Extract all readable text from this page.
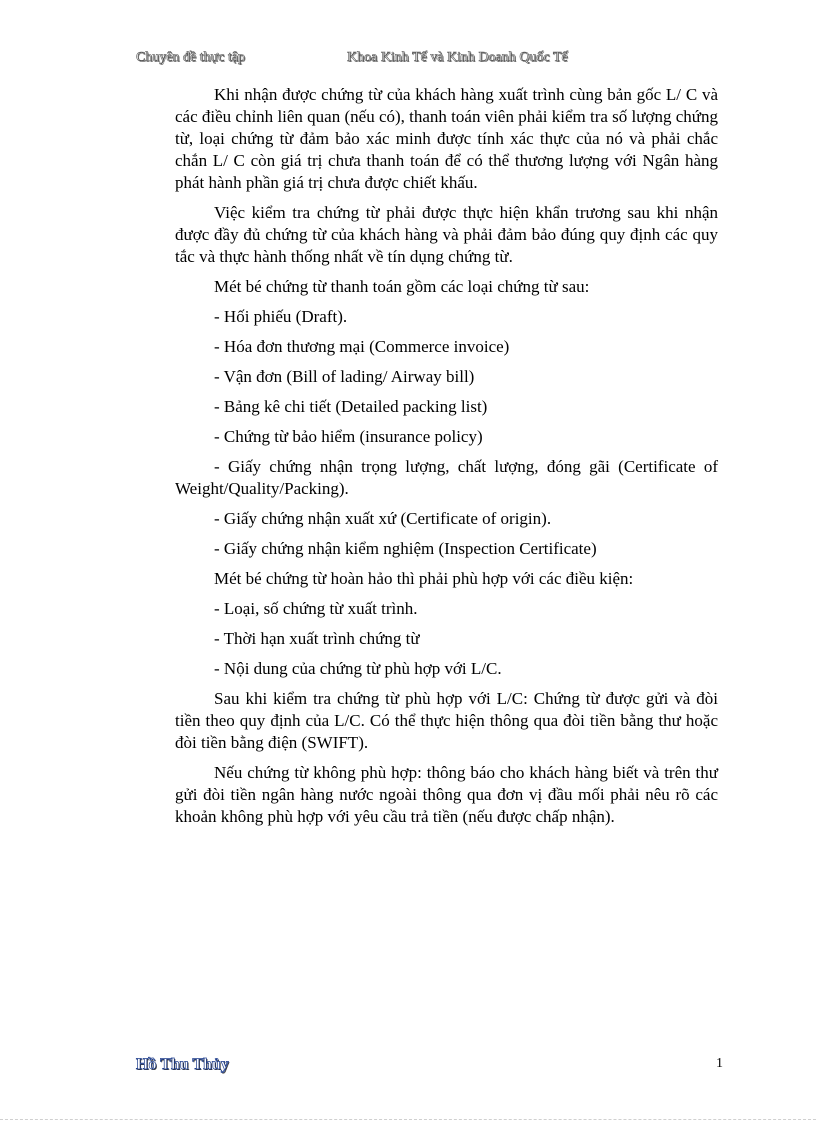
Chuyên đề thực tập	Khoa Kinh Tế và Kinh Doanh Quốc Tế

Khi nhận được chứng từ của khách hàng xuất trình cùng bản gốc L/ C và các điều chỉnh liên quan (nếu có), thanh toán viên phải kiểm tra số lượng chứng từ, loại chứng từ đảm bảo xác minh được tính xác thực của nó và phải chắc chắn L/ C còn giá trị chưa thanh toán để có thể thương lượng với Ngân hàng phát hành phần giá trị chưa được chiết khấu.

Việc kiểm tra chứng từ phải được thực hiện khẩn trương sau khi nhận được đầy đủ chứng từ của khách hàng và phải đảm bảo đúng quy định các quy tắc và thực hành thống nhất về tín dụng chứng từ.

Mét bé chứng từ thanh toán gồm các loại chứng từ sau:

- Hối phiếu (Draft).

- Hóa đơn thương mại (Commerce invoice)

- Vận đơn (Bill of lading/ Airway bill)

- Bảng kê chi tiết (Detailed packing list)

- Chứng từ bảo hiểm (insurance policy)

- Giấy chứng nhận trọng lượng, chất lượng, đóng gãi (Certificate of Weight/Quality/Packing).

- Giấy chứng nhận xuất xứ (Certificate of origin).

- Giấy chứng nhận kiểm nghiệm (Inspection Certificate)

Mét bé chứng từ hoàn hảo thì phải phù hợp với các điều kiện:

- Loại, số chứng từ xuất trình.

- Thời hạn xuất trình chứng từ

- Nội dung của chứng từ phù hợp với L/C.

Sau khi kiểm tra chứng từ phù hợp với L/C: Chứng từ được gửi và đòi tiền theo quy định của L/C. Có thể thực hiện thông qua đòi tiền bằng thư hoặc đòi tiền bằng điện (SWIFT).

Nếu chứng từ không phù hợp: thông báo cho khách hàng biết và trên thư gửi đòi tiền ngân hàng nước ngoài thông qua đơn vị đầu mối phải nêu rõ các khoản không phù hợp với yêu cầu trả tiền (nếu được chấp nhận).

Hồ Thu Thủy	1
